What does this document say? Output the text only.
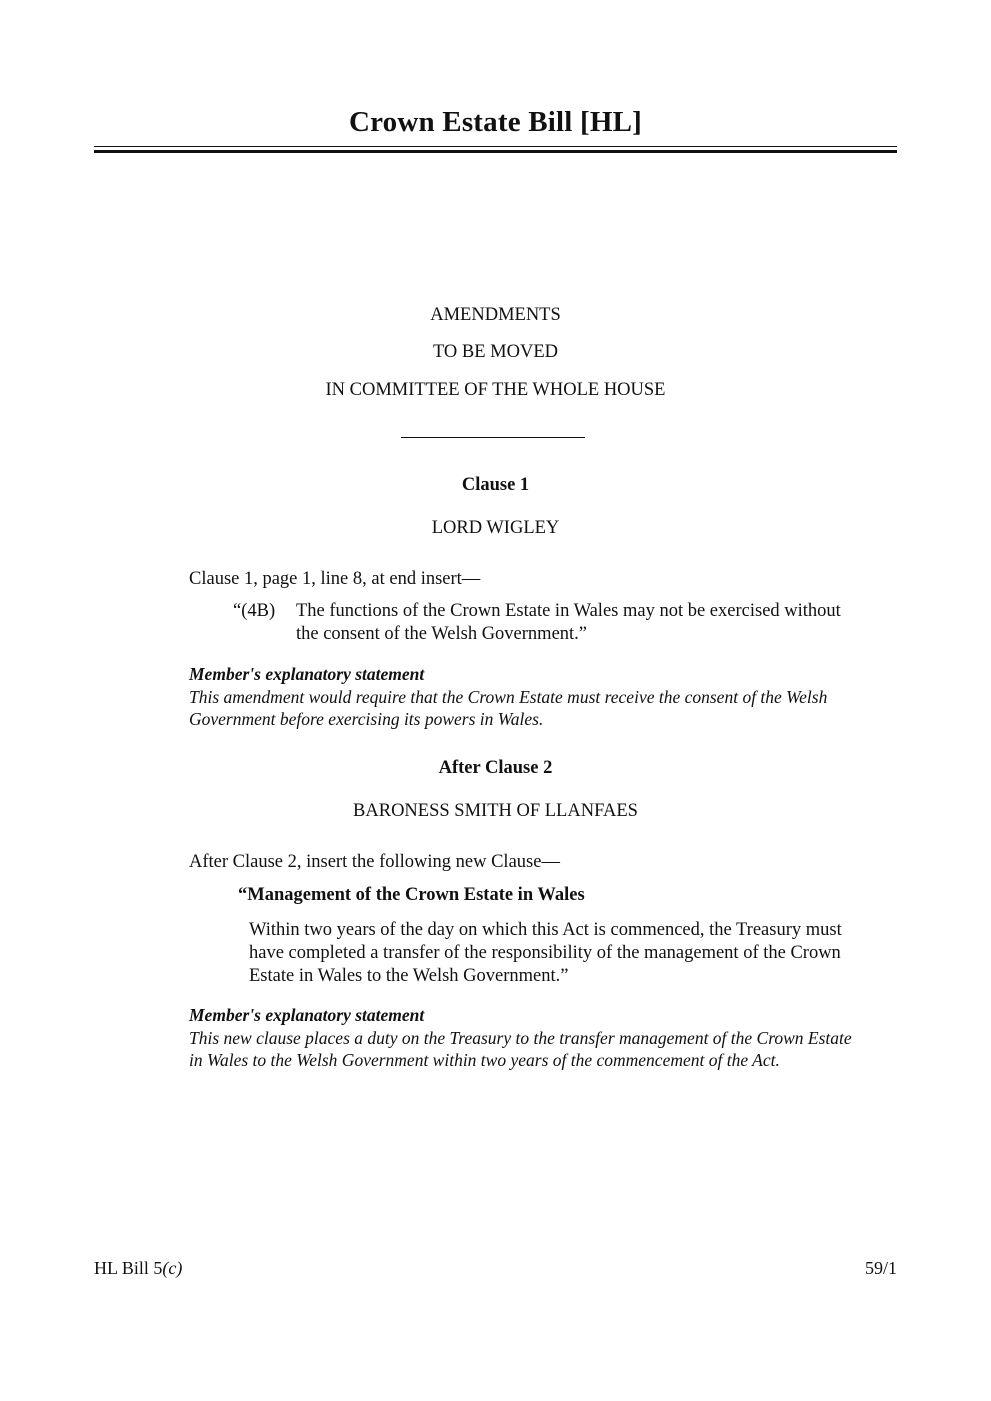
Crown Estate Bill [HL]
AMENDMENTS
TO BE MOVED
IN COMMITTEE OF THE WHOLE HOUSE
Clause 1
LORD WIGLEY
Clause 1, page 1, line 8, at end insert—
“(4B) The functions of the Crown Estate in Wales may not be exercised without
the consent of the Welsh Government.”
Member's explanatory statement
This amendment would require that the Crown Estate must receive the consent of the Welsh
Government before exercising its powers in Wales.
After Clause 2
BARONESS SMITH OF LLANFAES
After Clause 2, insert the following new Clause—
“Management of the Crown Estate in Wales
Within two years of the day on which this Act is commenced, the Treasury must
have completed a transfer of the responsibility of the management of the Crown
Estate in Wales to the Welsh Government.”
Member's explanatory statement
This new clause places a duty on the Treasury to the transfer management of the Crown Estate
in Wales to the Welsh Government within two years of the commencement of the Act.
HL Bill 5(c)	59/1
